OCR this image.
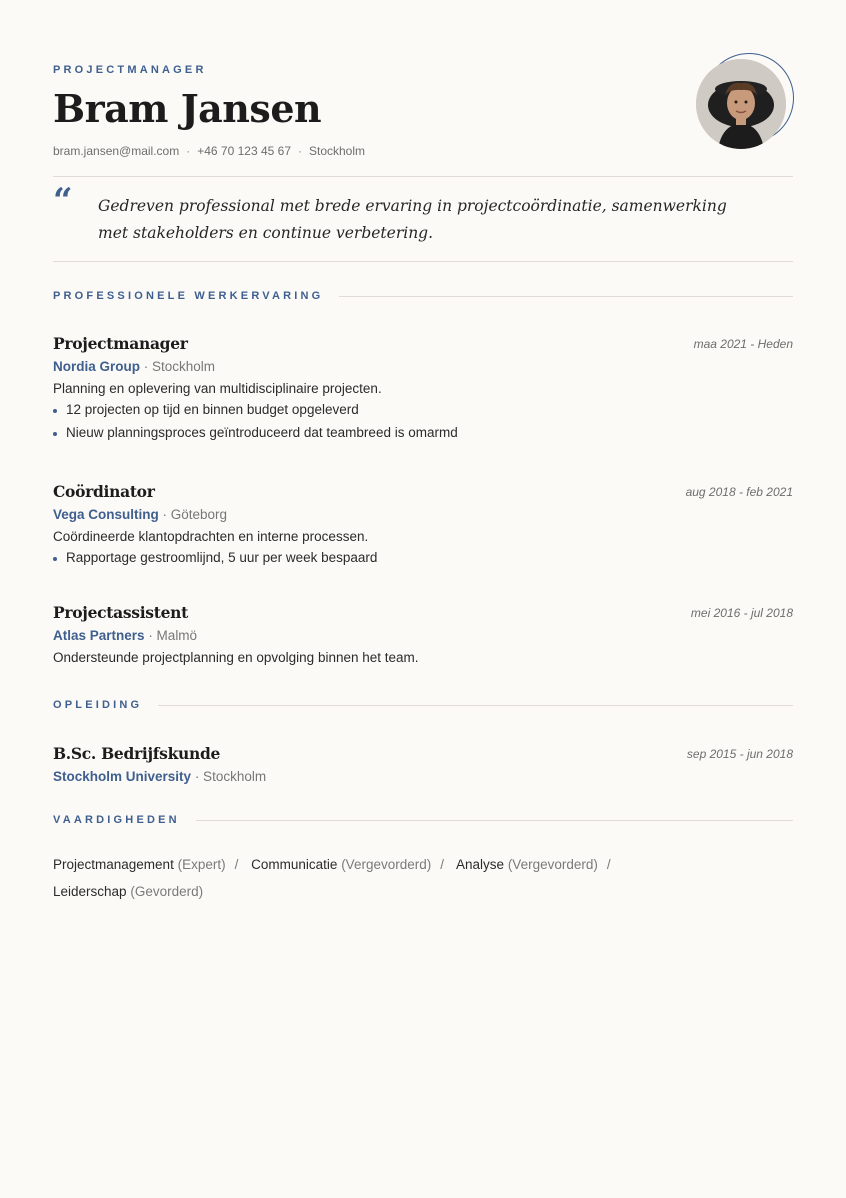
PROJECTMANAGER
Bram Jansen
bram.jansen@mail.com · +46 70 123 45 67 · Stockholm
“ Gedreven professional met brede ervaring in projectcoördinatie, samenwerking met stakeholders en continue verbetering.
PROFESSIONELE WERKERVARING
Projectmanager	maa 2021 - Heden
Nordia Group · Stockholm
Planning en oplevering van multidisciplinaire projecten.
12 projecten op tijd en binnen budget opgeleverd
Nieuw planningsproces geïntroduceerd dat teambreed is omarmd
Coördinator	aug 2018 - feb 2021
Vega Consulting · Göteborg
Coördineerde klantopdrachten en interne processen.
Rapportage gestroomlijnd, 5 uur per week bespaard
Projectassistent	mei 2016 - jul 2018
Atlas Partners · Malmö
Ondersteunde projectplanning en opvolging binnen het team.
OPLEIDING
B.Sc. Bedrijfskunde	sep 2015 - jun 2018
Stockholm University · Stockholm
VAARDIGHEDEN
Projectmanagement (Expert) / Communicatie (Vergevorderd) / Analyse (Vergevorderd) /
Leiderschap (Gevorderd)
